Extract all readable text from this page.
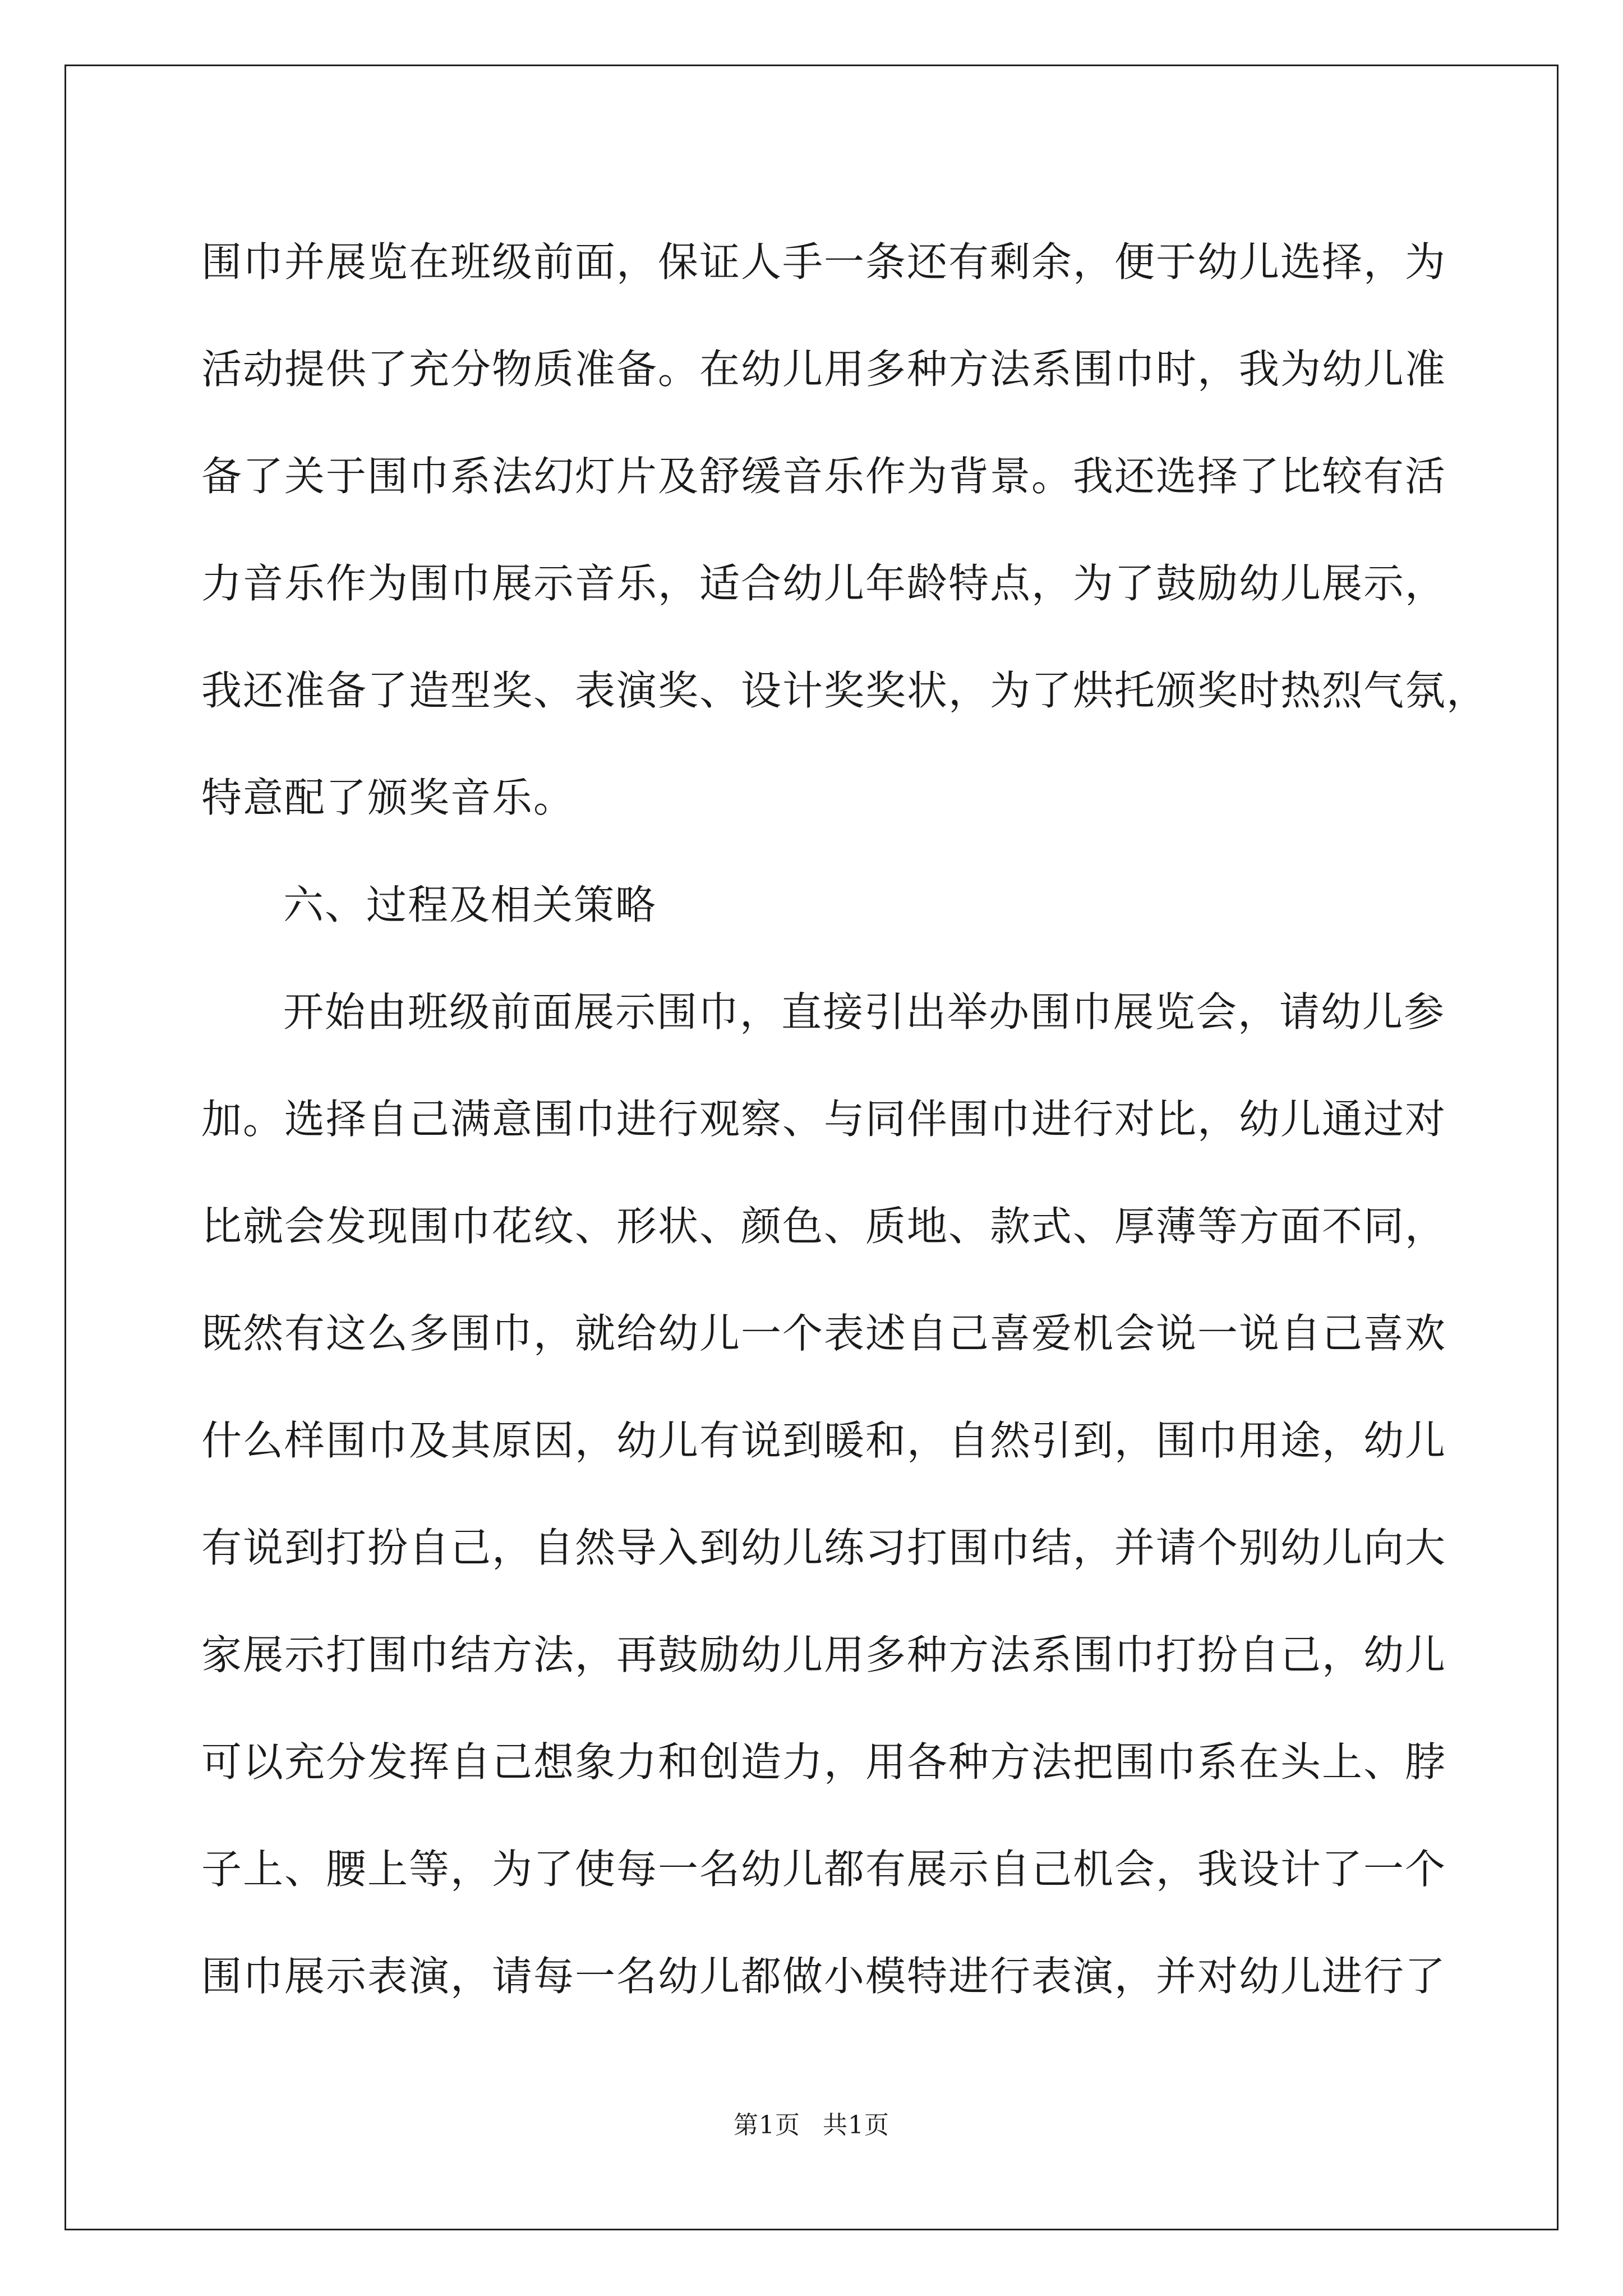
围巾并展览在班级前面，保证人手一条还有剩余，便于幼儿选择，为
活动提供了充分物质准备。在幼儿用多种方法系围巾时，我为幼儿准
备了关于围巾系法幻灯片及舒缓音乐作为背景。我还选择了比较有活
力音乐作为围巾展示音乐，适合幼儿年龄特点，为了鼓励幼儿展示，
我还准备了造型奖、表演奖、设计奖奖状，为了烘托颁奖时热烈气氛，
特意配了颁奖音乐。
六、过程及相关策略
开始由班级前面展示围巾，直接引出举办围巾展览会，请幼儿参
加。选择自己满意围巾进行观察、与同伴围巾进行对比，幼儿通过对
比就会发现围巾花纹、形状、颜色、质地、款式、厚薄等方面不同，
既然有这么多围巾，就给幼儿一个表述自己喜爱机会说一说自己喜欢
什么样围巾及其原因，幼儿有说到暖和，自然引到，围巾用途，幼儿
有说到打扮自己，自然导入到幼儿练习打围巾结，并请个别幼儿向大
家展示打围巾结方法，再鼓励幼儿用多种方法系围巾打扮自己，幼儿
可以充分发挥自己想象力和创造力，用各种方法把围巾系在头上、脖
子上、腰上等，为了使每一名幼儿都有展示自己机会，我设计了一个
围巾展示表演，请每一名幼儿都做小模特进行表演，并对幼儿进行了
第1页 共1页
